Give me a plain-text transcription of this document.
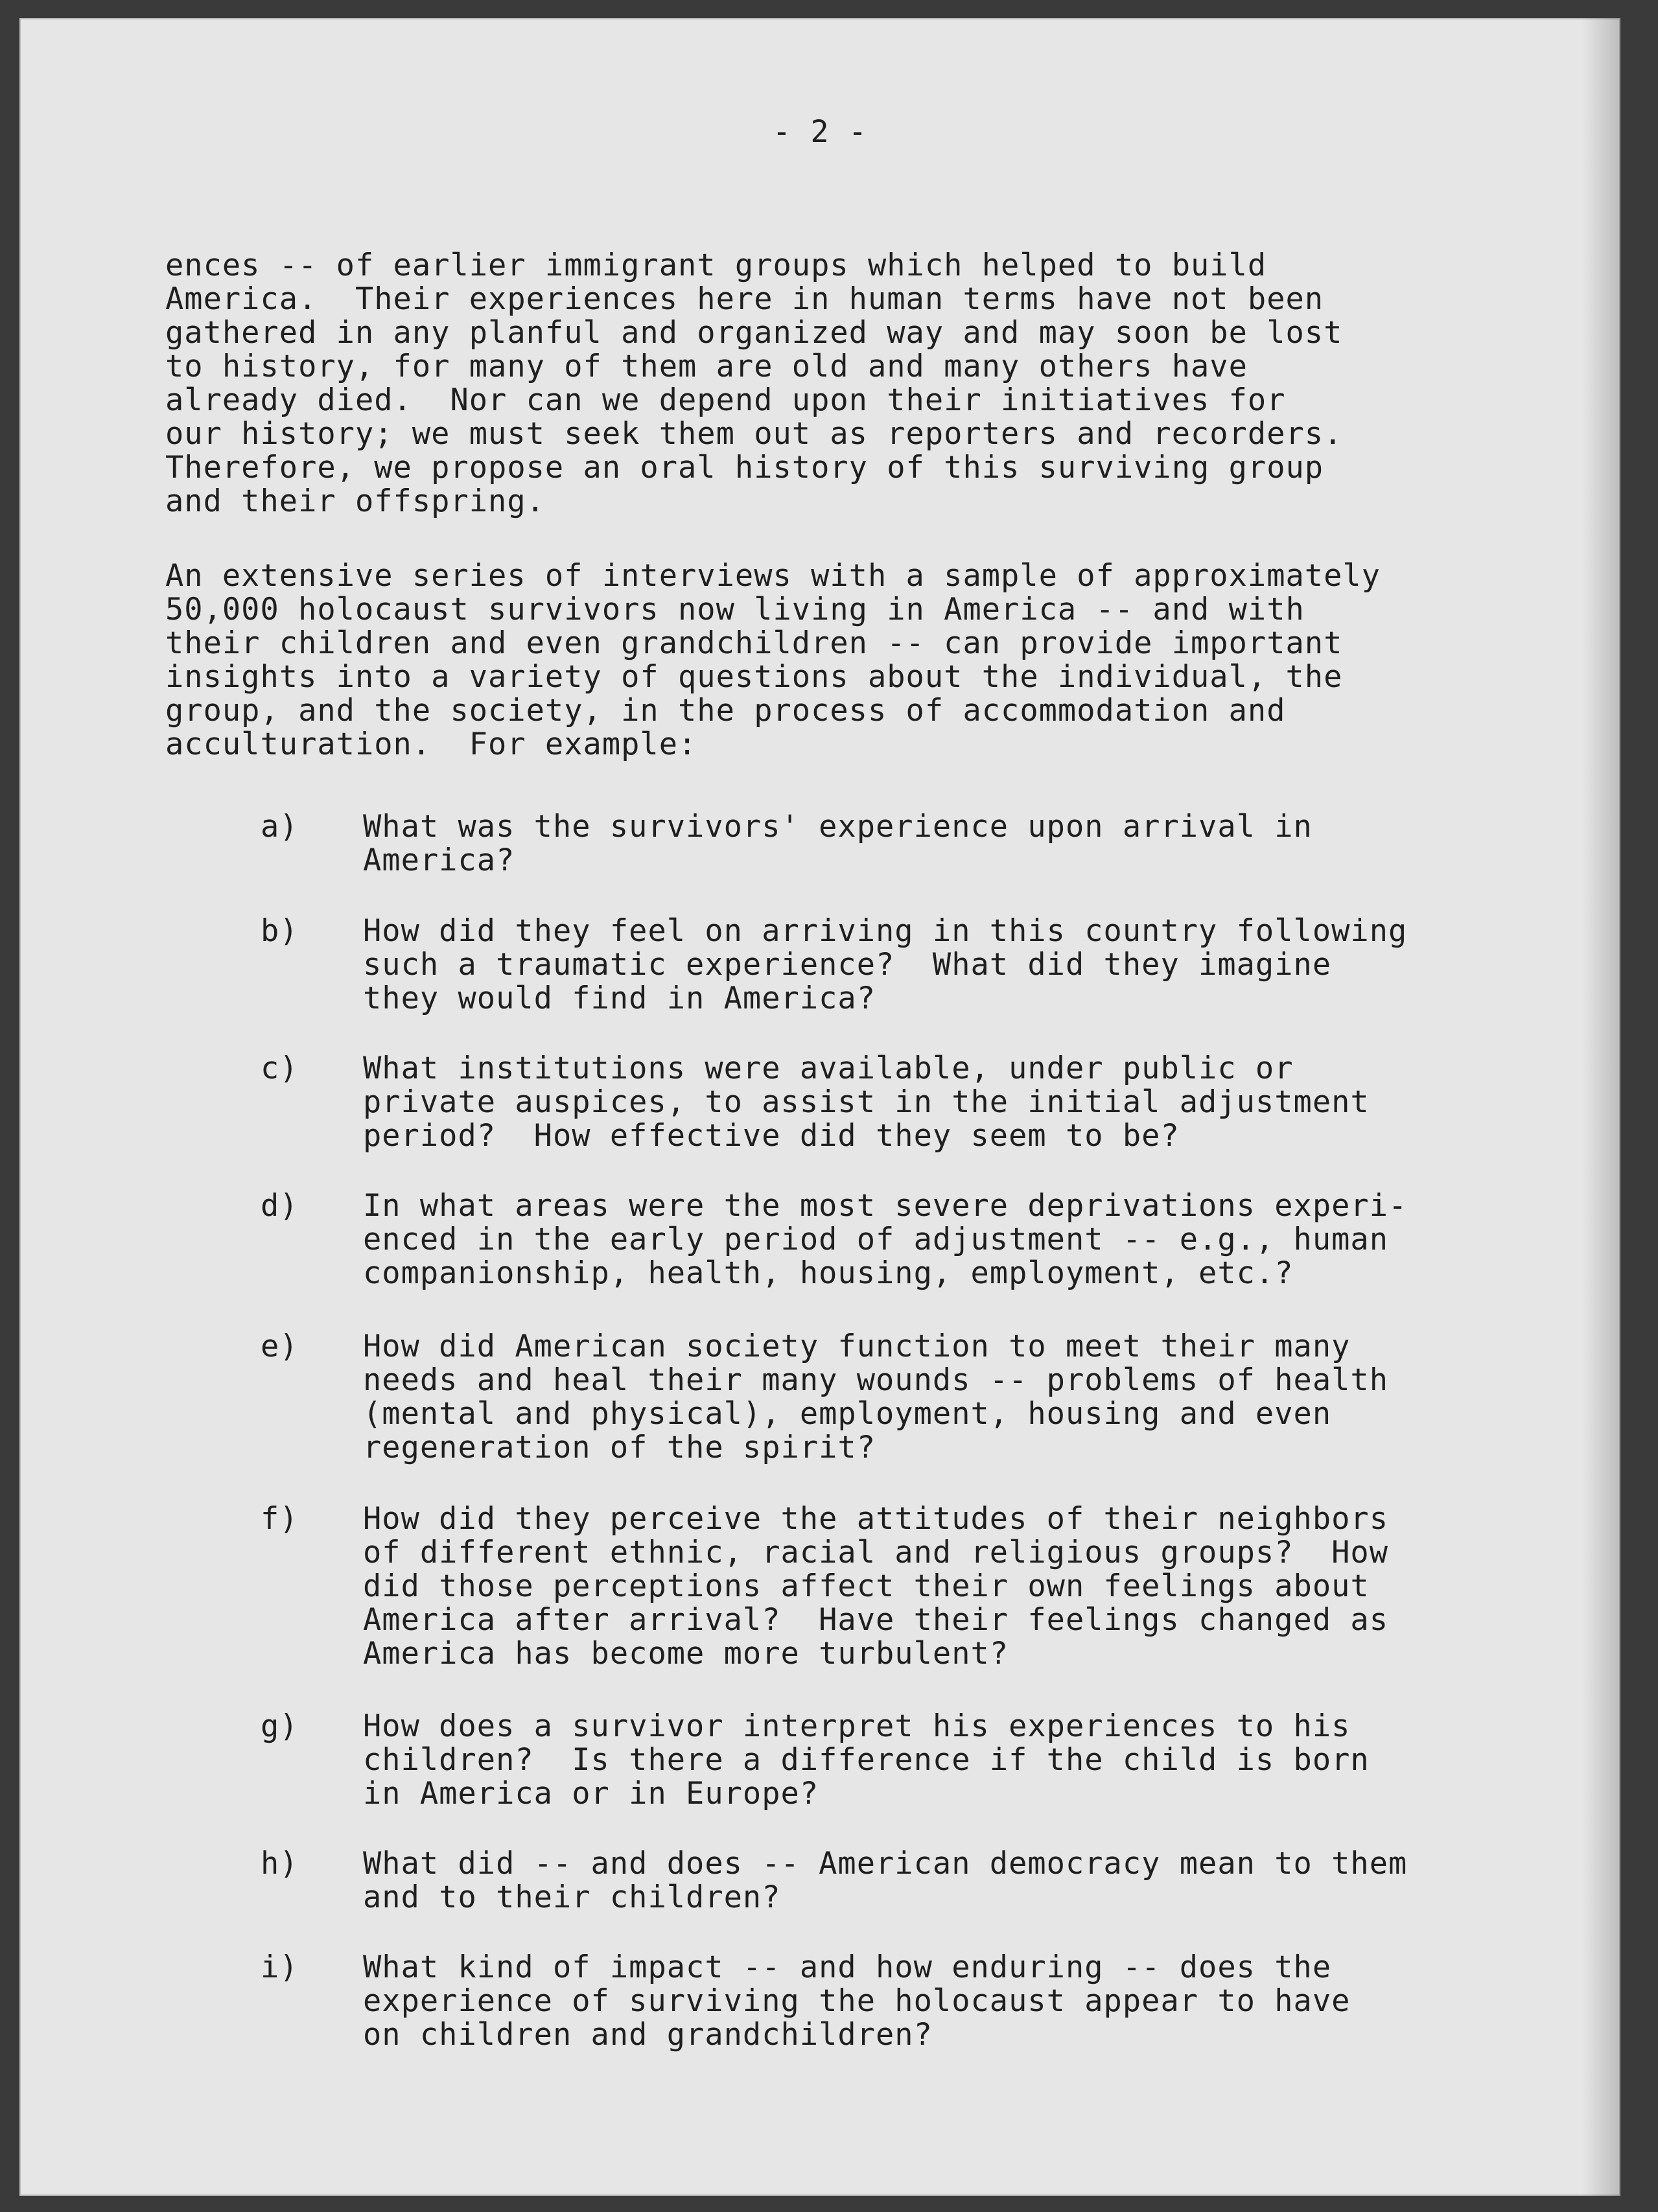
- 2 -
ences -- of earlier immigrant groups which helped to build
America.  Their experiences here in human terms have not been
gathered in any planful and organized way and may soon be lost
to history, for many of them are old and many others have
already died.  Nor can we depend upon their initiatives for
our history; we must seek them out as reporters and recorders.
Therefore, we propose an oral history of this surviving group
and their offspring.
An extensive series of interviews with a sample of approximately
50,000 holocaust survivors now living in America -- and with
their children and even grandchildren -- can provide important
insights into a variety of questions about the individual, the
group, and the society, in the process of accommodation and
acculturation.  For example:
a) What was the survivors' experience upon arrival in
America?
b) How did they feel on arriving in this country following
such a traumatic experience?  What did they imagine
they would find in America?
c) What institutions were available, under public or
private auspices, to assist in the initial adjustment
period?  How effective did they seem to be?
d) In what areas were the most severe deprivations experi-
enced in the early period of adjustment -- e.g., human
companionship, health, housing, employment, etc.?
e) How did American society function to meet their many
needs and heal their many wounds -- problems of health
(mental and physical), employment, housing and even
regeneration of the spirit?
f) How did they perceive the attitudes of their neighbors
of different ethnic, racial and religious groups?  How
did those perceptions affect their own feelings about
America after arrival?  Have their feelings changed as
America has become more turbulent?
g) How does a survivor interpret his experiences to his
children?  Is there a difference if the child is born
in America or in Europe?
h) What did -- and does -- American democracy mean to them
and to their children?
i) What kind of impact -- and how enduring -- does the
experience of surviving the holocaust appear to have
on children and grandchildren?
